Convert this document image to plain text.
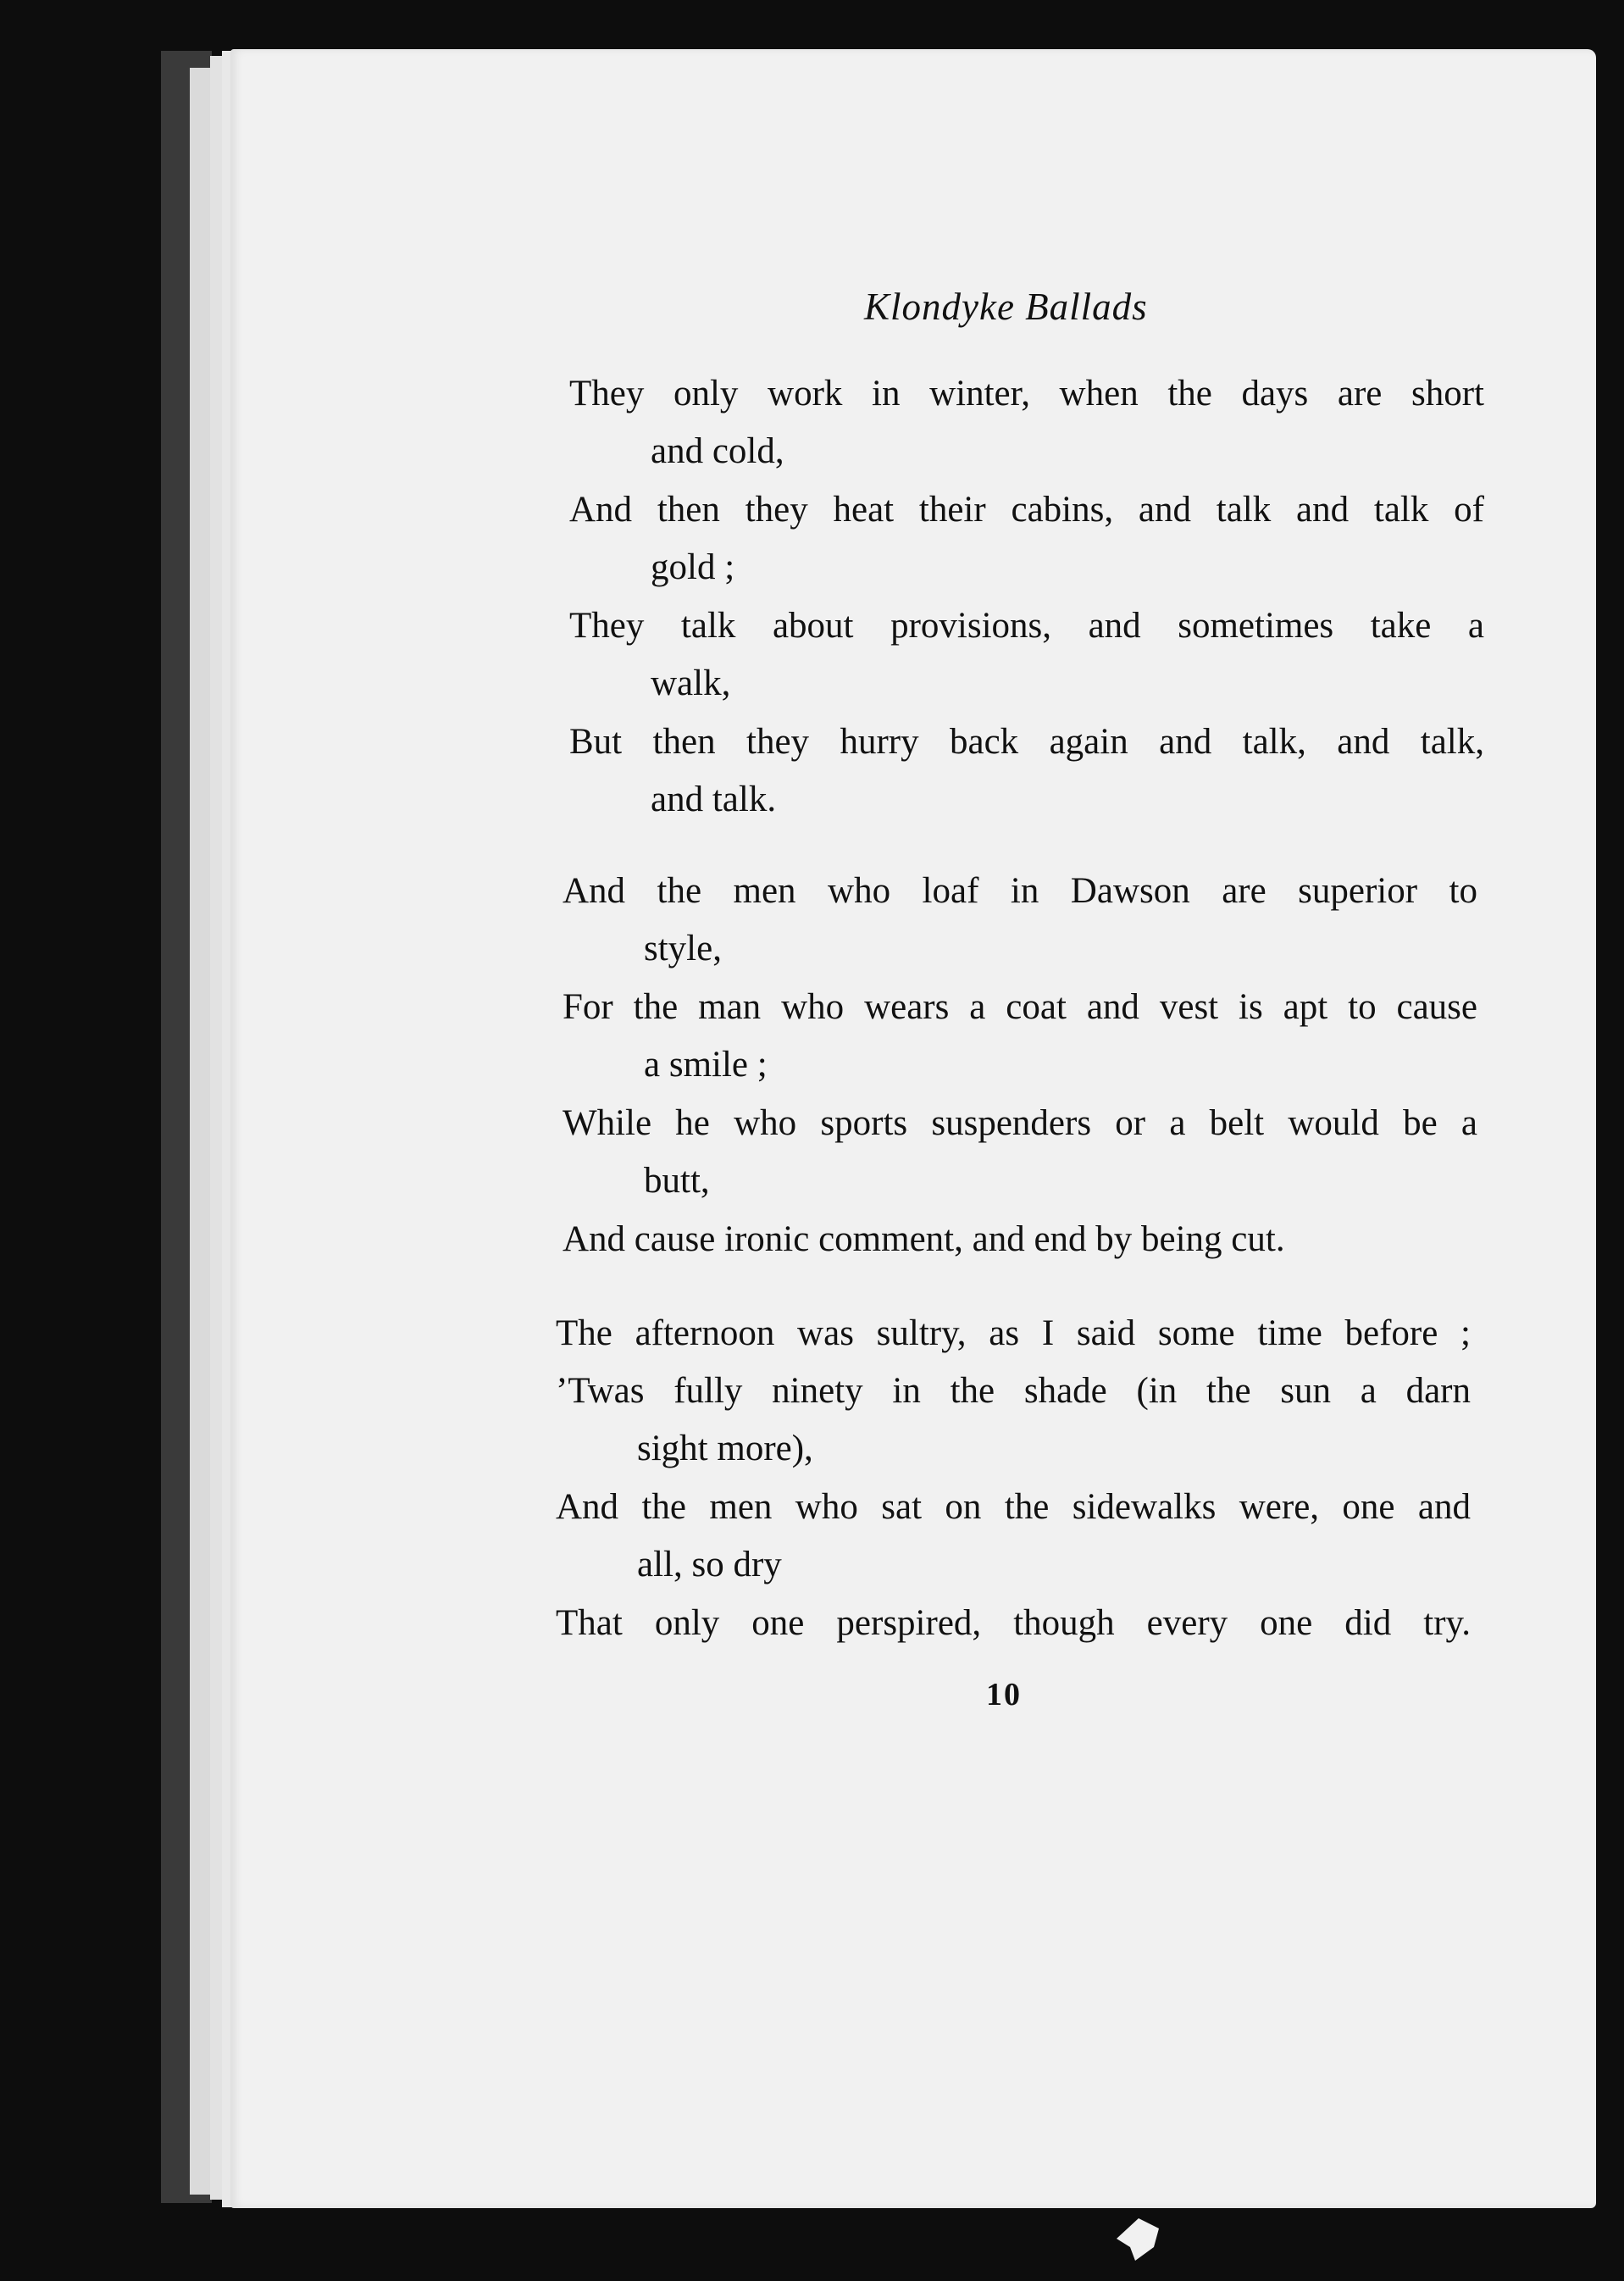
Klondyke Ballads
They only work in winter, when the days are short
and cold,
And then they heat their cabins, and talk and talk of
gold ;
They talk about provisions, and sometimes take a
walk,
But then they hurry back again and talk, and talk,
and talk.
And the men who loaf in Dawson are superior to
style,
For the man who wears a coat and vest is apt to cause
a smile ;
While he who sports suspenders or a belt would be a
butt,
And cause ironic comment, and end by being cut.
The afternoon was sultry, as I said some time before ;
’Twas fully ninety in the shade (in the sun a darn
sight more),
And the men who sat on the sidewalks were, one and
all, so dry
That only one perspired, though every one did try.
10
